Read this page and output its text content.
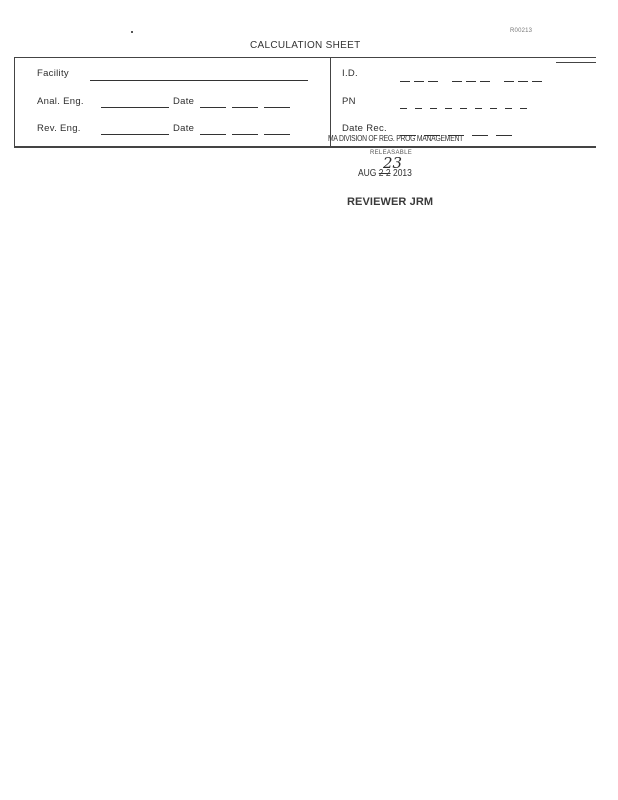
R00213
CALCULATION SHEET
Facility
Anal. Eng.	Date
Rev. Eng.	Date
I.D.
PN
Date Rec.
MA DIVISION OF REG. PROG MANAGEMENT
RELEASABLE
23
AUG 2 2 2013
REVIEWER JRM
